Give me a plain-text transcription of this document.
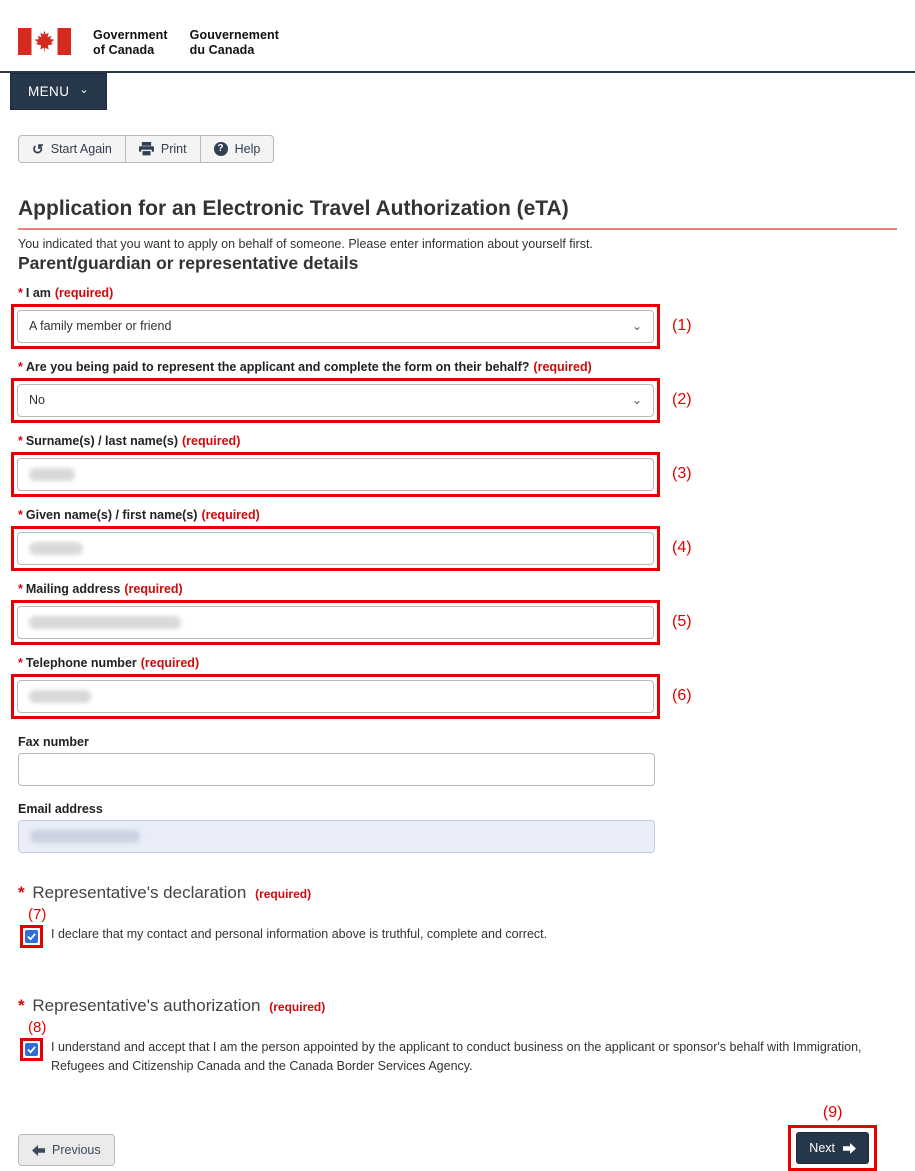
Government
of Canada
Gouvernement
du Canada
MENU ⌄
↺ Start Again	Print	? Help
Application for an Electronic Travel Authorization (eTA)

You indicated that you want to apply on behalf of someone. Please enter information about yourself first.

Parent/guardian or representative details
* I am (required)
A family member or friend	⌄ (1)
* Are you being paid to represent the applicant and complete the form on their behalf? (required)
No	⌄ (2)
* Surname(s) / last name(s) (required)
(3)
* Given name(s) / first name(s) (required)
(4)
* Mailing address (required)
(5)
* Telephone number (required)
(6)
Fax number
Email address
* Representative's declaration (required)
(7)
I declare that my contact and personal information above is truthful, complete and correct.
* Representative's authorization (required)
(8)
I understand and accept that I am the person appointed by the applicant to conduct business on the applicant or sponsor's behalf with Immigration, Refugees and Citizenship Canada and the Canada Border Services Agency.
Previous
(9)
Next
